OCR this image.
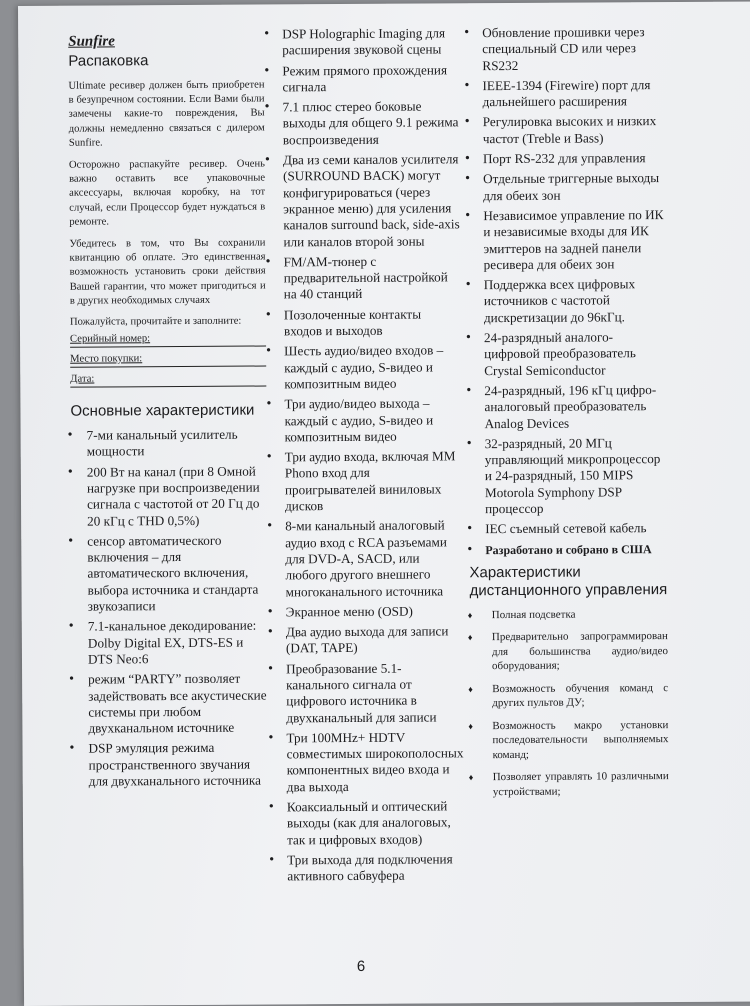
Sunfire
Распаковка

Ultimate ресивер должен быть приобретен в безупречном состоянии. Если Вами были замечены какие-то повреждения, Вы должны немедленно связаться с дилером Sunfire.

Осторожно распакуйте ресивер. Очень важно оставить все упаковочные аксессуары, включая коробку, на тот случай, если Процессор будет нуждаться в ремонте.

Убедитесь в том, что Вы сохранили квитанцию об оплате. Это единственная возможность установить сроки действия Вашей гарантии, что может пригодиться и в других необходимых случаях

Пожалуйста, прочитайте и заполните:

Серийный номер:
Место покупки:
Дата:
Основные характеристики
• 7-ми канальный усилитель мощности
• 200 Вт на канал (при 8 Омной нагрузке при воспроизведении сигнала с частотой от 20 Гц до 20 кГц с THD 0,5%)
• сенсор автоматического включения – для автоматического включения, выбора источника и стандарта звукозаписи
• 7.1-канальное декодирование: Dolby Digital EX, DTS-ES и DTS Neo:6
• режим “PARTY” позволяет задействовать все акустические системы при любом двухканальном источнике
• DSP эмуляция режима пространственного звучания для двухканального источника
• DSP Holographic Imaging для расширения звуковой сцены
• Режим прямого прохождения сигнала
• 7.1 плюс стерео боковые выходы для общего 9.1 режима воспроизведения
• Два из семи каналов усилителя (SURROUND BACK) могут конфигурироваться (через экранное меню) для усиления каналов surround back, side-axis или каналов второй зоны
• FM/AM-тюнер с предварительной настройкой на 40 станций
• Позолоченные контакты входов и выходов
• Шесть аудио/видео входов – каждый с аудио, S-видео и композитным видео
• Три аудио/видео выхода – каждый с аудио, S-видео и композитным видео
• Три аудио входа, включая MM Phono вход для проигрывателей виниловых дисков
• 8-ми канальный аналоговый аудио вход с RCA разъемами для DVD-A, SACD, или любого другого внешнего многоканального источника
• Экранное меню (OSD)
• Два аудио выхода для записи (DAT, TAPE)
• Преобразование 5.1-канального сигнала от цифрового источника в двухканальный для записи
• Три 100MHz+ HDTV совместимых широкополосных компонентных видео входа и два выхода
• Коаксиальный и оптический выходы (как для аналоговых, так и цифровых входов)
• Три выхода для подключения активного сабвуфера
• Обновление прошивки через специальный CD или через RS232
• IEEE-1394 (Firewire) порт для дальнейшего расширения
• Регулировка высоких и низких частот (Treble и Bass)
• Порт RS-232 для управления
• Отдельные триггерные выходы для обеих зон
• Независимое управление по ИК и независимые входы для ИК эмиттеров на задней панели ресивера для обеих зон
• Поддержка всех цифровых источников с частотой дискретизации до 96кГц.
• 24-разрядный аналого-цифровой преобразователь Crystal Semiconductor
• 24-разрядный, 196 кГц цифро-аналоговый преобразователь Analog Devices
• 32-разрядный, 20 МГц управляющий микропроцессор и 24-разрядный, 150 MIPS Motorola Symphony DSP процессор
• IEC съемный сетевой кабель
• Разработано и собрано в США
Характеристики дистанционного управления
♦ Полная подсветка
♦ Предварительно запрограммирован для большинства аудио/видео оборудования;
♦ Возможность обучения команд с других пультов ДУ;
♦ Возможность макро установки последовательности выполняемых команд;
♦ Позволяет управлять 10 различными устройствами;
6
